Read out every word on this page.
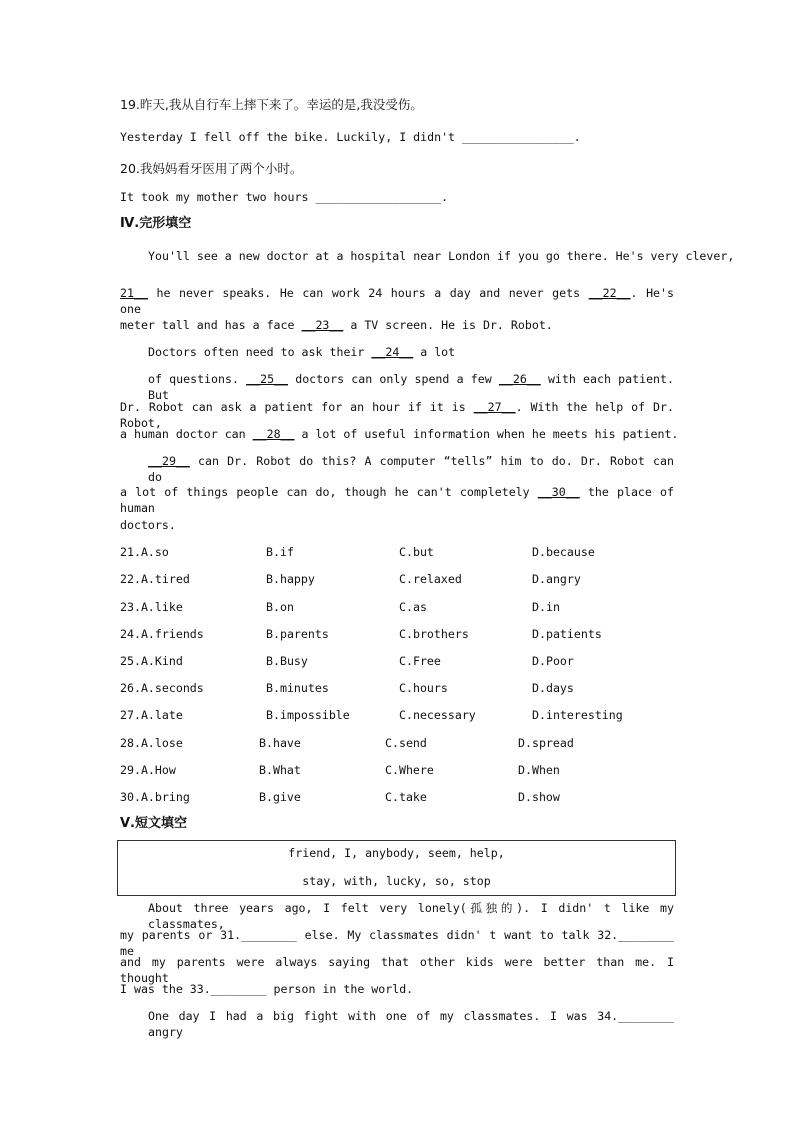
19.昨天,我从自行车上摔下来了。幸运的是,我没受伤。
Yesterday I fell off the bike. Luckily, I didn't ________________.
20.我妈妈看牙医用了两个小时。
It took my mother two hours __________________.
Ⅳ.完形填空
You'll see a new doctor at a hospital near London if you go there. He's very clever,
21__ he never speaks. He can work 24 hours a day and never gets __22__. He's one
meter tall and has a face __23__ a TV screen. He is Dr. Robot.
Doctors often need to ask their __24__ a lot
of questions. __25__ doctors can only spend a few __26__ with each patient. But
Dr. Robot can ask a patient for an hour if it is __27__. With the help of Dr. Robot,
a human doctor can __28__ a lot of useful information when he meets his patient.
__29__ can Dr. Robot do this? A computer “tells” him to do. Dr. Robot can do
a lot of things people can do, though he can't completely __30__ the place of human
doctors.
21.A.so	B.if	C.but	D.because
22.A.tired	B.happy	C.relaxed	D.angry
23.A.like	B.on	C.as	D.in
24.A.friends	B.parents	C.brothers	D.patients
25.A.Kind	B.Busy	C.Free	D.Poor
26.A.seconds	B.minutes	C.hours	D.days
27.A.late	B.impossible	C.necessary	D.interesting
28.A.lose	B.have	C.send	D.spread
29.A.How	B.What	C.Where	D.When
30.A.bring	B.give	C.take	D.show
Ⅴ.短文填空
friend, I, anybody, seem, help,
stay, with, lucky, so, stop
About three years ago, I felt very lonely(孤独的). I didn' t like my classmates,
my parents or 31.________ else. My classmates didn' t want to talk 32.________ me
and my parents were always saying that other kids were better than me. I thought
I was the 33.________ person in the world.
One day I had a big fight with one of my classmates. I was 34.________ angry
